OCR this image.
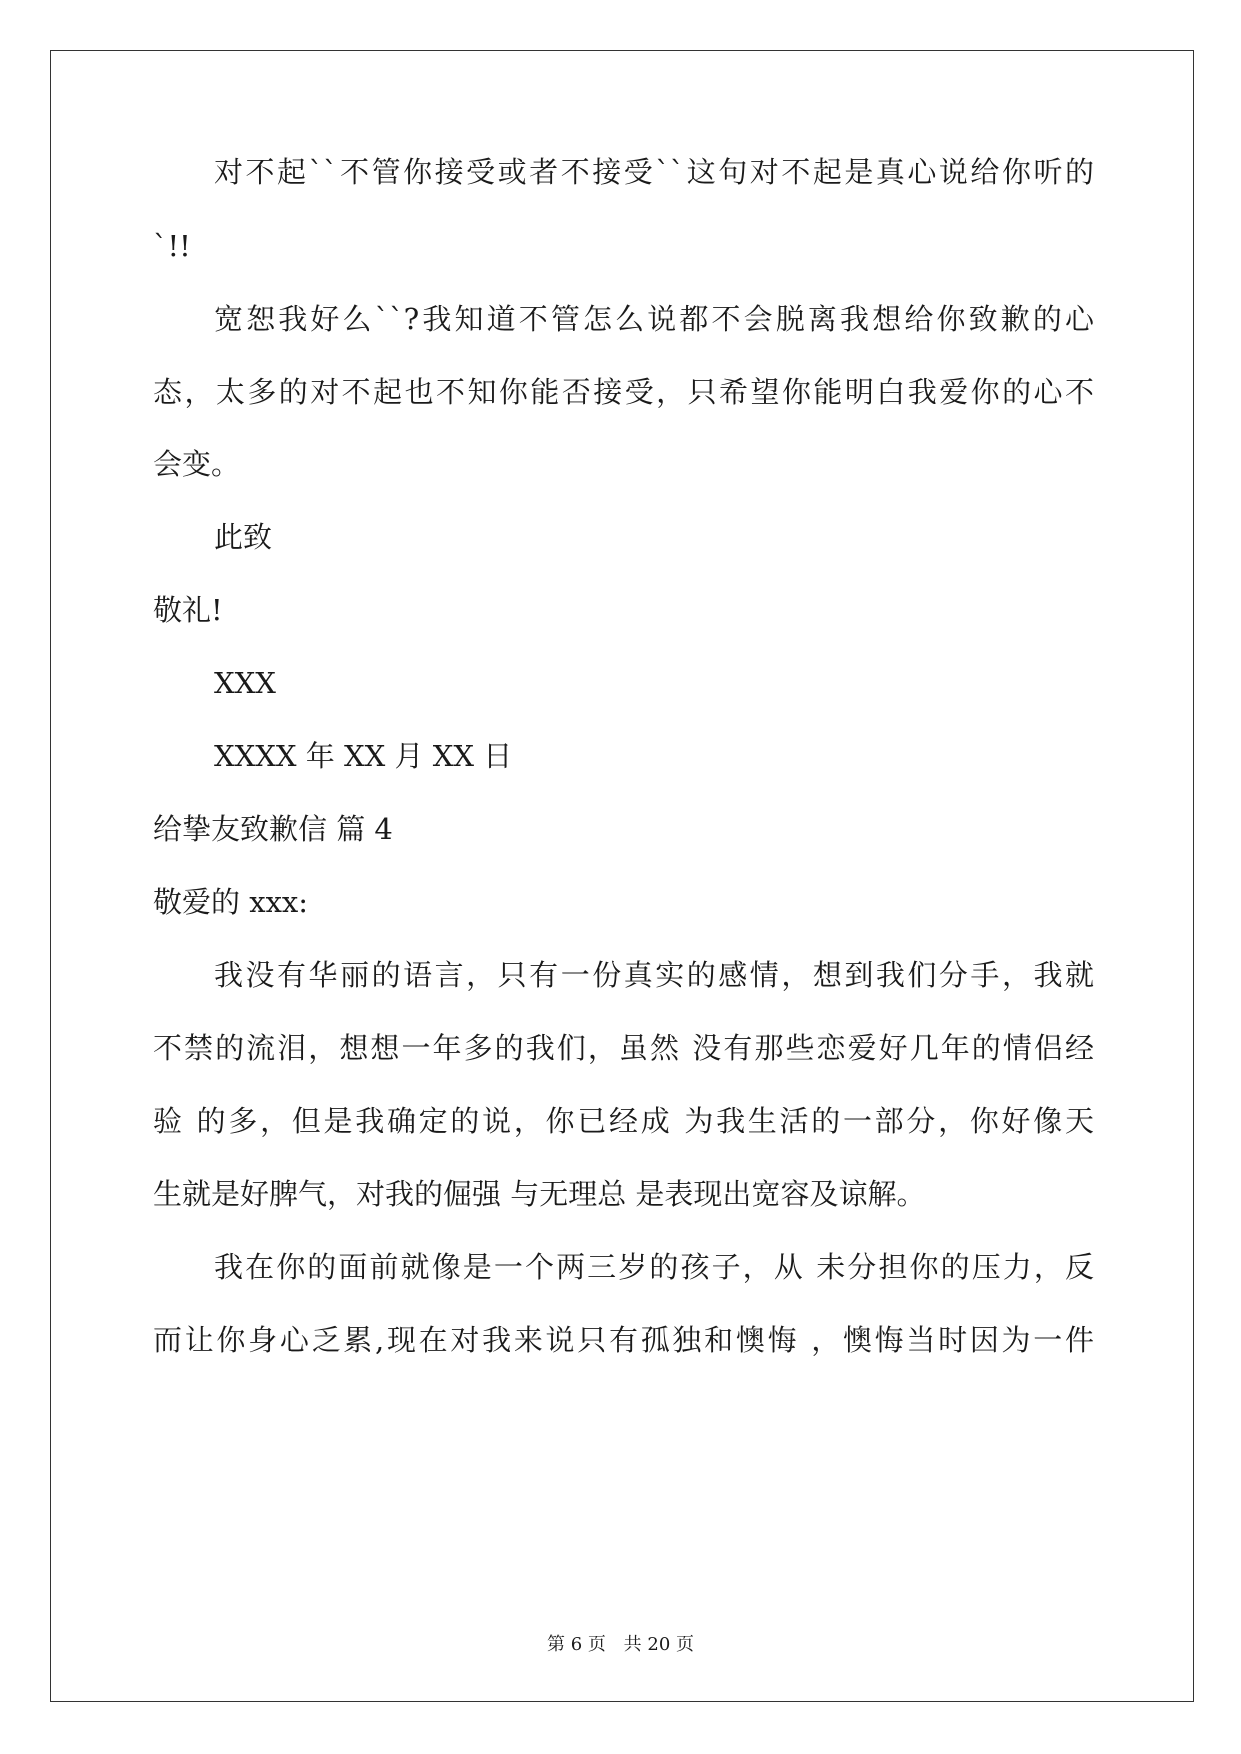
对不起``不管你接受或者不接受``这句对不起是真心说给你听的

`!!

宽恕我好么``?我知道不管怎么说都不会脱离我想给你致歉的心

态，太多的对不起也不知你能否接受，只希望你能明白我爱你的心不

会变。

此致

敬礼!

XXX

XXXX 年 XX 月 XX 日

给挚友致歉信 篇 4

敬爱的 xxx:

我没有华丽的语言，只有一份真实的感情，想到我们分手，我就

不禁的流泪，想想一年多的我们，虽然 没有那些恋爱好几年的情侣经

验 的多，但是我确定的说，你已经成 为我生活的一部分，你好像天

生就是好脾气，对我的倔强 与无理总 是表现出宽容及谅解。

我在你的面前就像是一个两三岁的孩子，从 未分担你的压力，反

而让你身心乏累,现在对我来说只有孤独和懊悔 ，懊悔当时因为一件

第 6 页 共 20 页
